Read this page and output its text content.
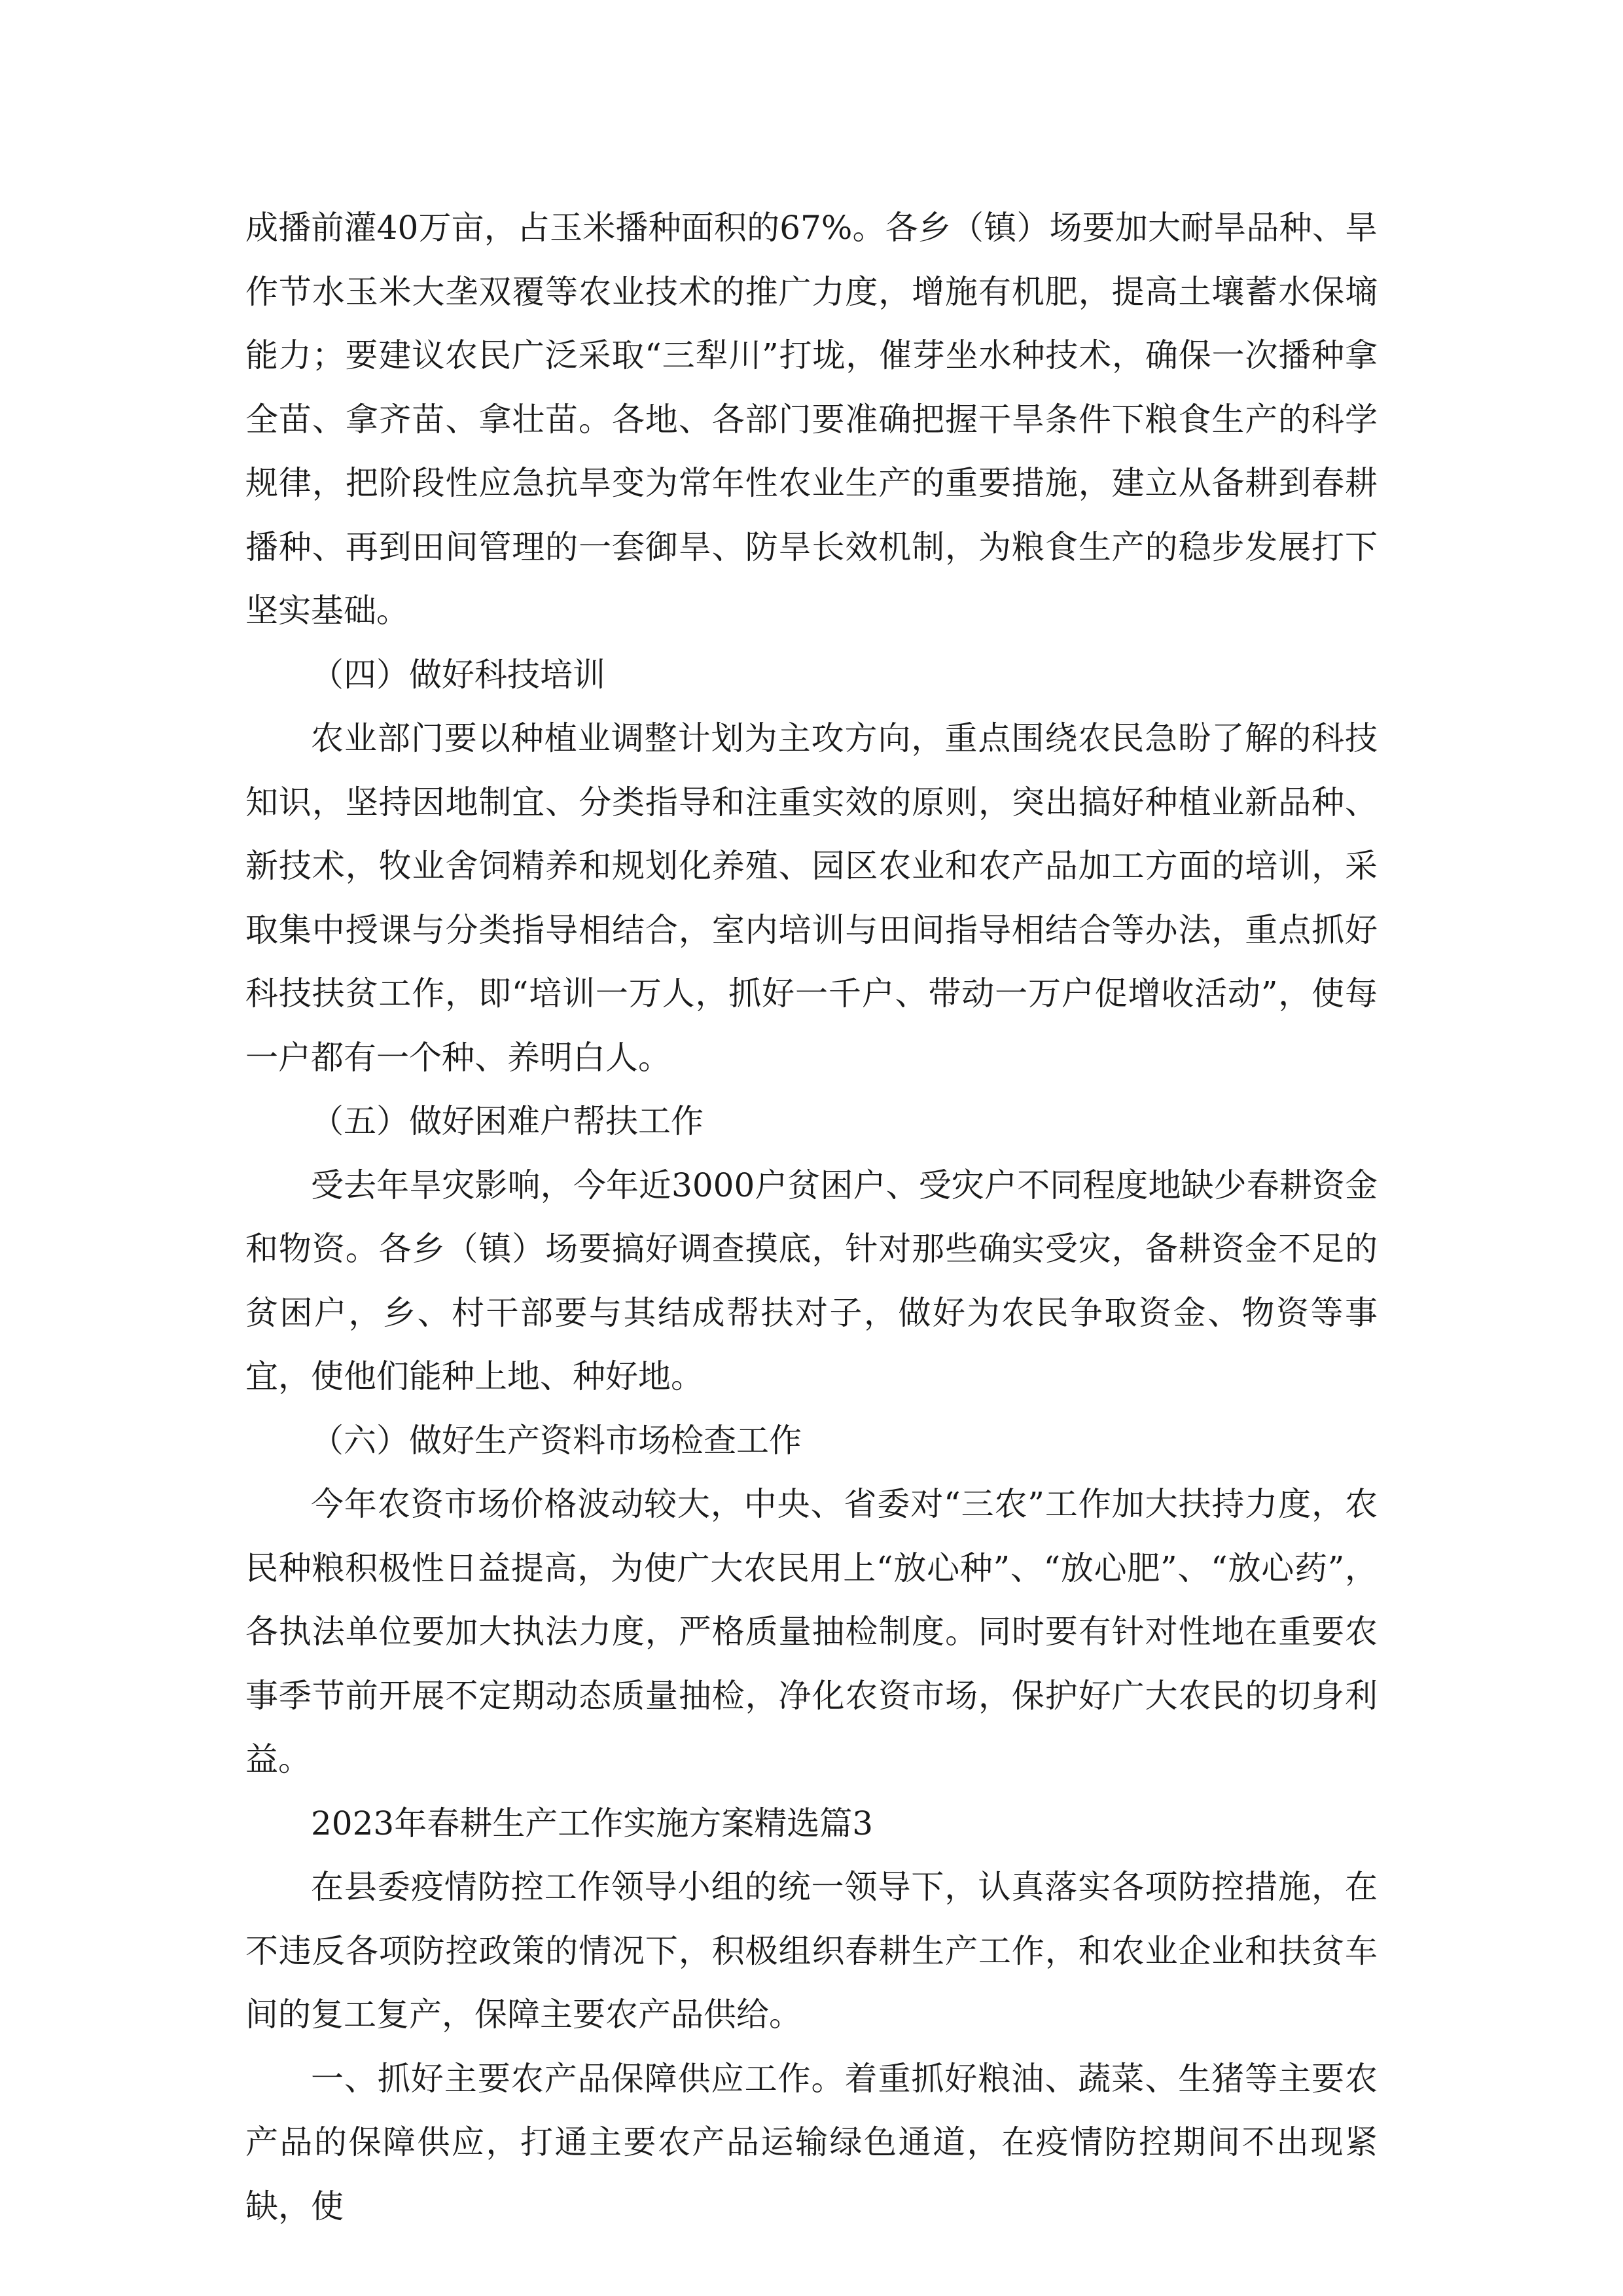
成播前灌40万亩，占玉米播种面积的67%。各乡（镇）场要加大耐旱品种、旱作节水玉米大垄双覆等农业技术的推广力度，增施有机肥，提高土壤蓄水保墒能力；要建议农民广泛采取“三犁川”打垅，催芽坐水种技术，确保一次播种拿全苗、拿齐苗、拿壮苗。各地、各部门要准确把握干旱条件下粮食生产的科学规律，把阶段性应急抗旱变为常年性农业生产的重要措施，建立从备耕到春耕播种、再到田间管理的一套御旱、防旱长效机制，为粮食生产的稳步发展打下坚实基础。

（四）做好科技培训

农业部门要以种植业调整计划为主攻方向，重点围绕农民急盼了解的科技知识，坚持因地制宜、分类指导和注重实效的原则，突出搞好种植业新品种、新技术，牧业舍饲精养和规划化养殖、园区农业和农产品加工方面的培训，采取集中授课与分类指导相结合，室内培训与田间指导相结合等办法，重点抓好科技扶贫工作，即“培训一万人，抓好一千户、带动一万户促增收活动”，使每一户都有一个种、养明白人。

（五）做好困难户帮扶工作

受去年旱灾影响，今年近3000户贫困户、受灾户不同程度地缺少春耕资金和物资。各乡（镇）场要搞好调查摸底，针对那些确实受灾，备耕资金不足的贫困户，乡、村干部要与其结成帮扶对子，做好为农民争取资金、物资等事宜，使他们能种上地、种好地。

（六）做好生产资料市场检查工作

今年农资市场价格波动较大，中央、省委对“三农”工作加大扶持力度，农民种粮积极性日益提高，为使广大农民用上“放心种”、“放心肥”、“放心药”，各执法单位要加大执法力度，严格质量抽检制度。同时要有针对性地在重要农事季节前开展不定期动态质量抽检，净化农资市场，保护好广大农民的切身利益。

2023年春耕生产工作实施方案精选篇3

在县委疫情防控工作领导小组的统一领导下，认真落实各项防控措施，在不违反各项防控政策的情况下，积极组织春耕生产工作，和农业企业和扶贫车间的复工复产，保障主要农产品供给。

一、抓好主要农产品保障供应工作。着重抓好粮油、蔬菜、生猪等主要农产品的保障供应，打通主要农产品运输绿色通道，在疫情防控期间不出现紧缺，使
